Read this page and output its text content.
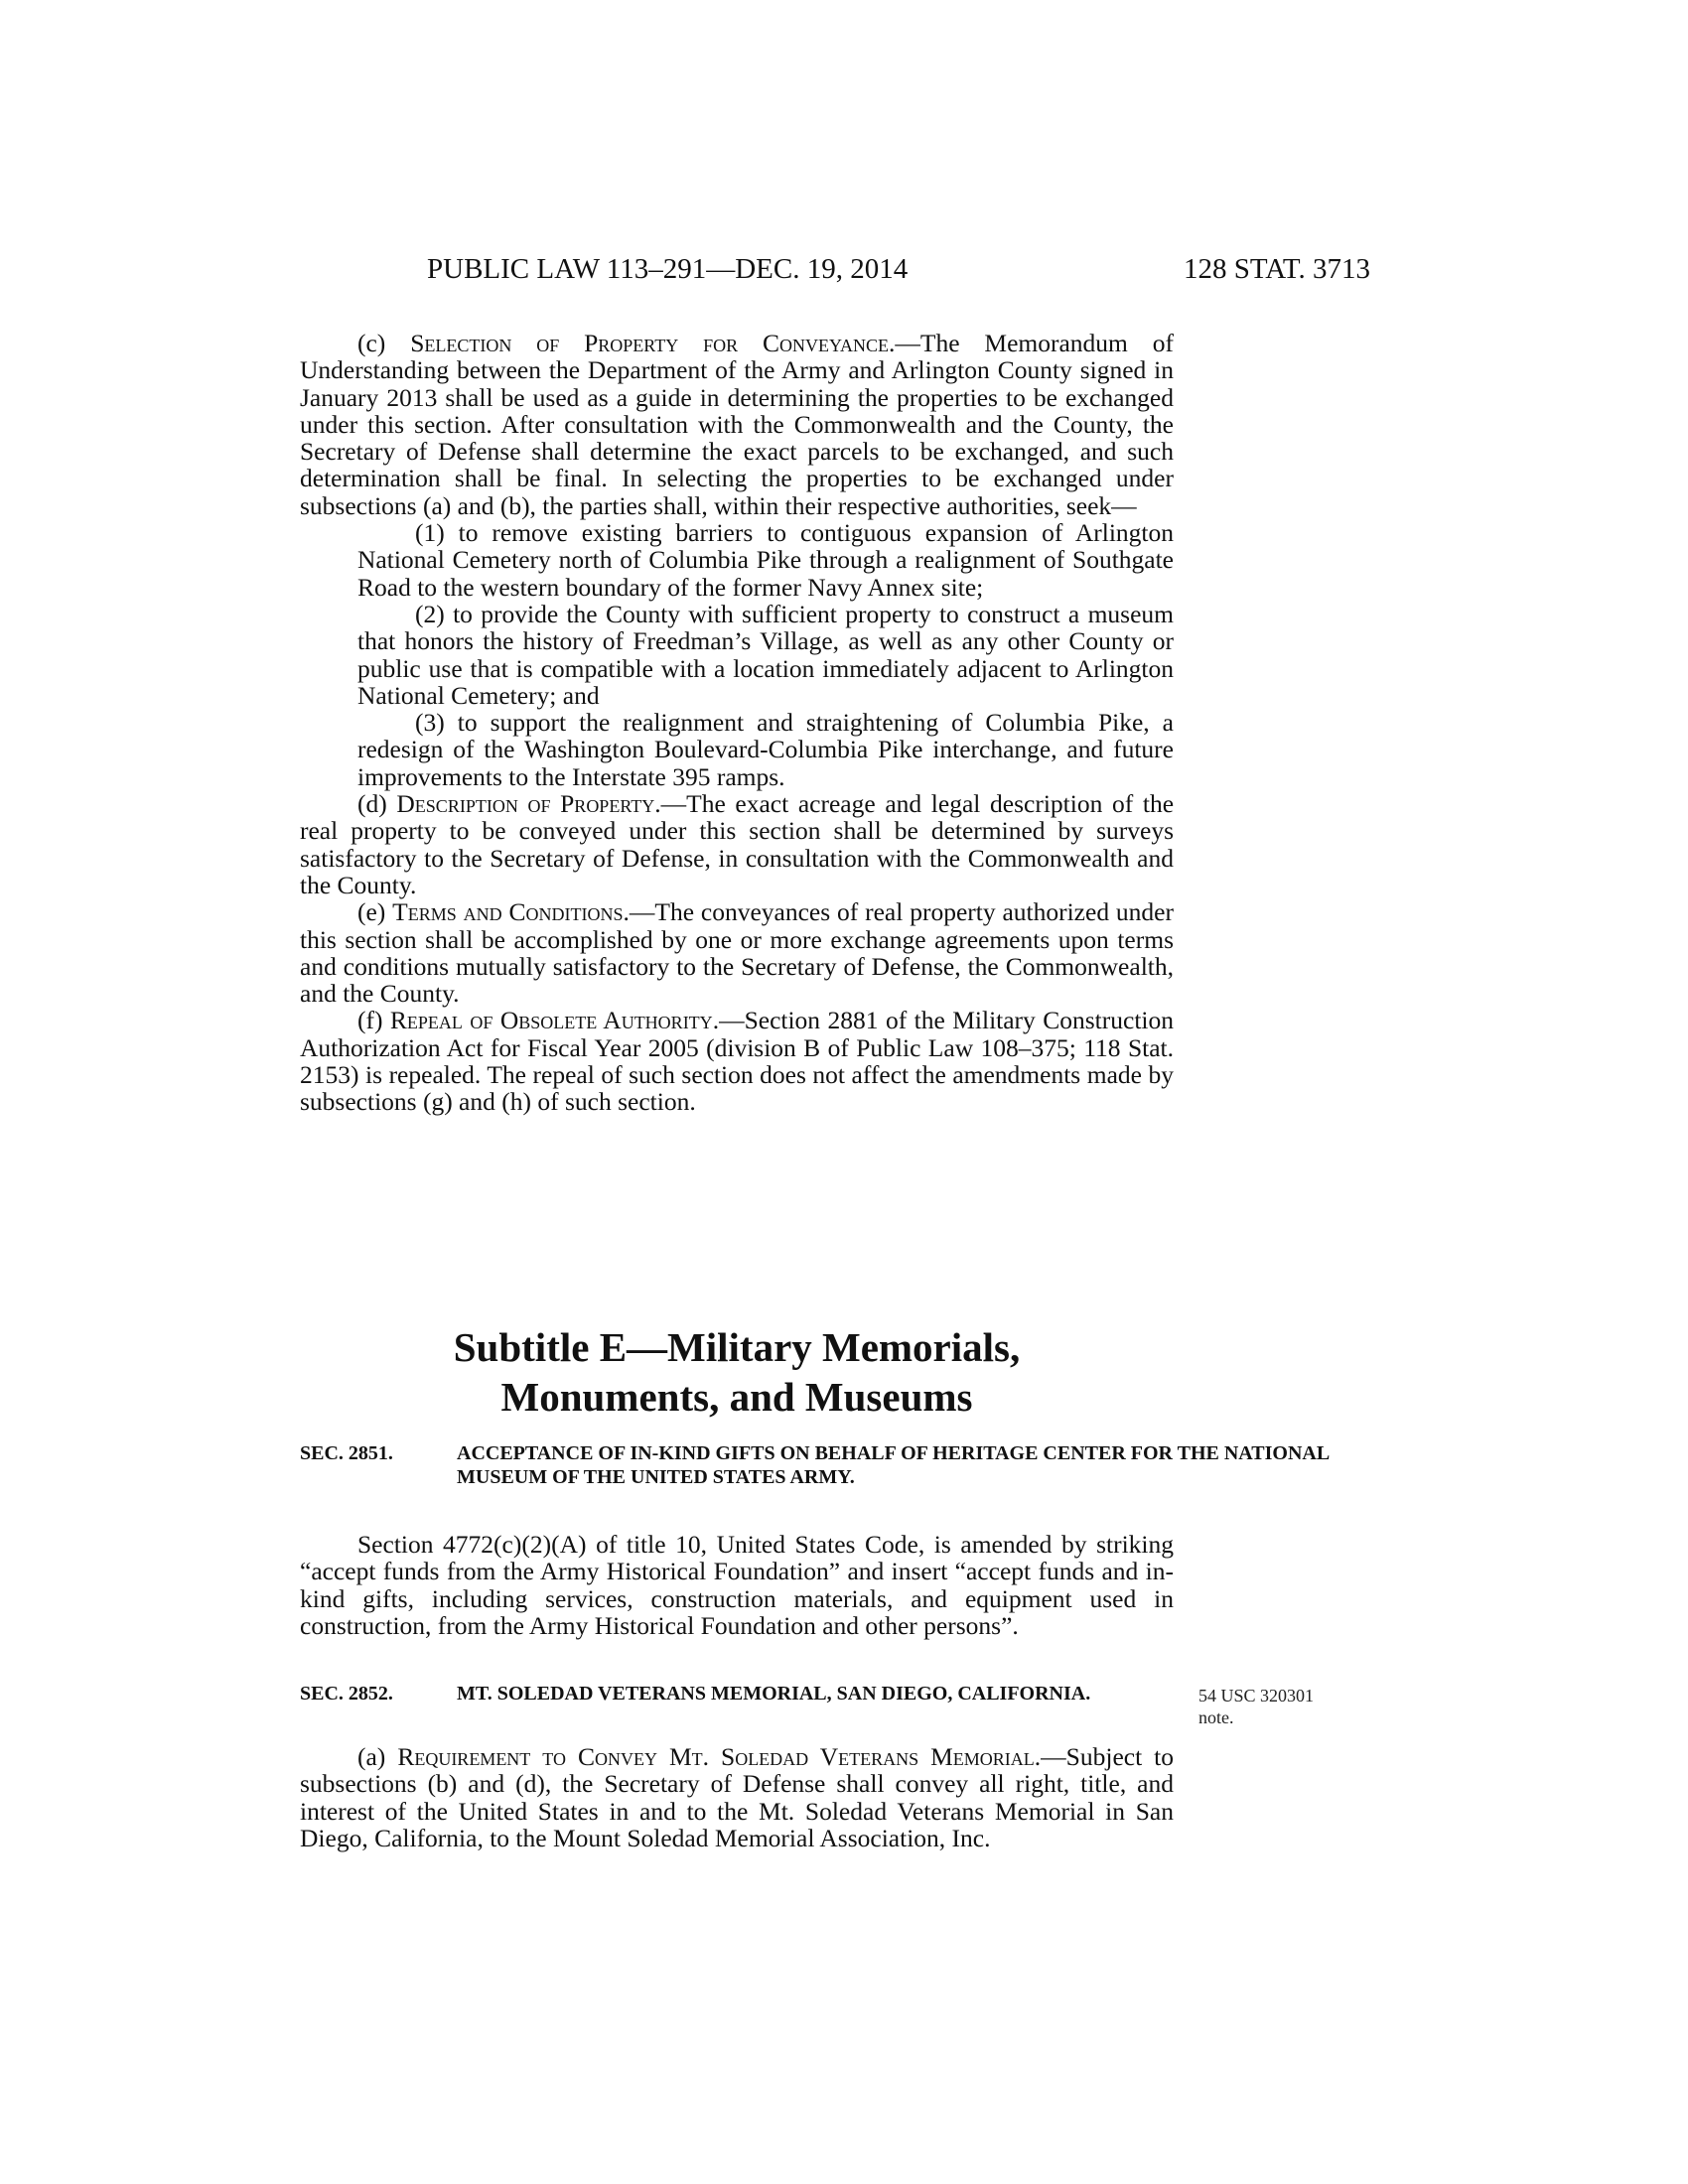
PUBLIC LAW 113–291—DEC. 19, 2014	128 STAT. 3713

(c) Selection of Property for Conveyance.—The Memorandum of Understanding between the Department of the Army and Arlington County signed in January 2013 shall be used as a guide in determining the properties to be exchanged under this section. After consultation with the Commonwealth and the County, the Secretary of Defense shall determine the exact parcels to be exchanged, and such determination shall be final. In selecting the properties to be exchanged under subsections (a) and (b), the parties shall, within their respective authorities, seek—

(1) to remove existing barriers to contiguous expansion of Arlington National Cemetery north of Columbia Pike through a realignment of Southgate Road to the western boundary of the former Navy Annex site;

(2) to provide the County with sufficient property to construct a museum that honors the history of Freedman’s Village, as well as any other County or public use that is compatible with a location immediately adjacent to Arlington National Cemetery; and

(3) to support the realignment and straightening of Columbia Pike, a redesign of the Washington Boulevard-Columbia Pike interchange, and future improvements to the Interstate 395 ramps.

(d) Description of Property.—The exact acreage and legal description of the real property to be conveyed under this section shall be determined by surveys satisfactory to the Secretary of Defense, in consultation with the Commonwealth and the County.

(e) Terms and Conditions.—The conveyances of real property authorized under this section shall be accomplished by one or more exchange agreements upon terms and conditions mutually satisfactory to the Secretary of Defense, the Commonwealth, and the County.

(f) Repeal of Obsolete Authority.—Section 2881 of the Military Construction Authorization Act for Fiscal Year 2005 (division B of Public Law 108–375; 118 Stat. 2153) is repealed. The repeal of such section does not affect the amendments made by subsections (g) and (h) of such section.

Subtitle E—Military Memorials,
Monuments, and Museums
SEC. 2851.	ACCEPTANCE OF IN-KIND GIFTS ON BEHALF OF HERITAGE CENTER FOR THE NATIONAL MUSEUM OF THE UNITED STATES ARMY.

Section 4772(c)(2)(A) of title 10, United States Code, is amended by striking “accept funds from the Army Historical Foundation” and insert “accept funds and in-kind gifts, including services, construction materials, and equipment used in construction, from the Army Historical Foundation and other persons”.

SEC. 2852.	MT. SOLEDAD VETERANS MEMORIAL, SAN DIEGO, CALIFORNIA.	54 USC 320301 note.

(a) Requirement to Convey Mt. Soledad Veterans Memorial.—Subject to subsections (b) and (d), the Secretary of Defense shall convey all right, title, and interest of the United States in and to the Mt. Soledad Veterans Memorial in San Diego, California, to the Mount Soledad Memorial Association, Inc.
